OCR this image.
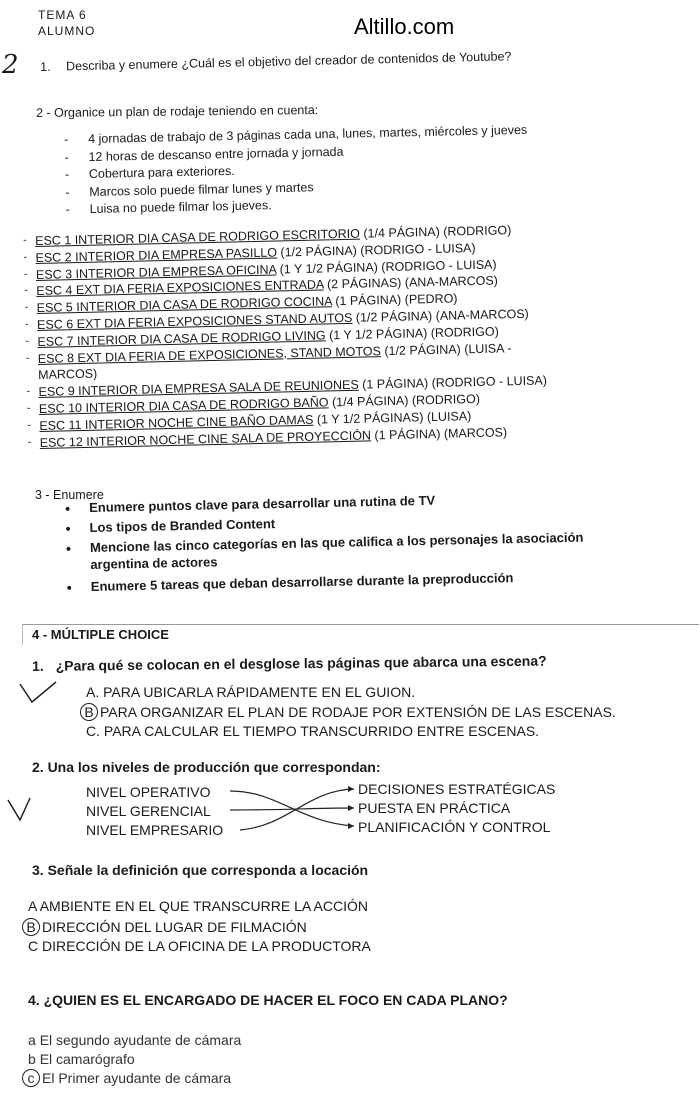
TEMA 6
ALUMNO	Altillo.com
2 1. Describa y enumere ¿Cuál es el objetivo del creador de contenidos de Youtube?
2 - Organice un plan de rodaje teniendo en cuenta:
- 4 jornadas de trabajo de 3 páginas cada una, lunes, martes, miércoles y jueves
- 12 horas de descanso entre jornada y jornada
- Cobertura para exteriores.
- Marcos solo puede filmar lunes y martes
- Luisa no puede filmar los jueves.
- ESC 1 INTERIOR DIA CASA DE RODRIGO ESCRITORIO (1/4 PÁGINA) (RODRIGO)
- ESC 2 INTERIOR DIA EMPRESA PASILLO (1/2 PÁGINA) (RODRIGO - LUISA)
- ESC 3 INTERIOR DIA EMPRESA OFICINA (1 Y 1/2 PÁGINA) (RODRIGO - LUISA)
- ESC 4 EXT DIA FERIA EXPOSICIONES ENTRADA (2 PÁGINAS) (ANA-MARCOS)
- ESC 5 INTERIOR DIA CASA DE RODRIGO COCINA (1 PÁGINA) (PEDRO)
- ESC 6 EXT DIA FERIA EXPOSICIONES STAND AUTOS (1/2 PÁGINA) (ANA-MARCOS)
- ESC 7 INTERIOR DIA CASA DE RODRIGO LIVING (1 Y 1/2 PÁGINA) (RODRIGO)
- ESC 8 EXT DIA FERIA DE EXPOSICIONES, STAND MOTOS (1/2 PÁGINA) (LUISA -
MARCOS)
- ESC 9 INTERIOR DIA EMPRESA SALA DE REUNIONES (1 PÁGINA) (RODRIGO - LUISA)
- ESC 10 INTERIOR DIA CASA DE RODRIGO BAÑO (1/4 PÁGINA) (RODRIGO)
- ESC 11 INTERIOR NOCHE CINE BAÑO DAMAS (1 Y 1/2 PÁGINAS) (LUISA)
- ESC 12 INTERIOR NOCHE CINE SALA DE PROYECCIÓN (1 PÁGINA) (MARCOS)
3 - Enumere
• Enumere puntos clave para desarrollar una rutina de TV
• Los tipos de Branded Content
• Mencione las cinco categorías en las que califica a los personajes la asociación
argentina de actores
• Enumere 5 tareas que deban desarrollarse durante la preproducción
4 - MÚLTIPLE CHOICE
1. ¿Para qué se colocan en el desglose las páginas que abarca una escena?
A. PARA UBICARLA RÁPIDAMENTE EN EL GUION.
B PARA ORGANIZAR EL PLAN DE RODAJE POR EXTENSIÓN DE LAS ESCENAS.
C. PARA CALCULAR EL TIEMPO TRANSCURRIDO ENTRE ESCENAS.
2. Una los niveles de producción que correspondan:
NIVEL OPERATIVO
NIVEL GERENCIAL
NIVEL EMPRESARIO
DECISIONES ESTRATÉGICAS
PUESTA EN PRÁCTICA
PLANIFICACIÓN Y CONTROL
3. Señale la definición que corresponda a locación
A AMBIENTE EN EL QUE TRANSCURRE LA ACCIÓN
B DIRECCIÓN DEL LUGAR DE FILMACIÓN
C DIRECCIÓN DE LA OFICINA DE LA PRODUCTORA
4. ¿QUIEN ES EL ENCARGADO DE HACER EL FOCO EN CADA PLANO?
a El segundo ayudante de cámara
b El camarógrafo
c El Primer ayudante de cámara
